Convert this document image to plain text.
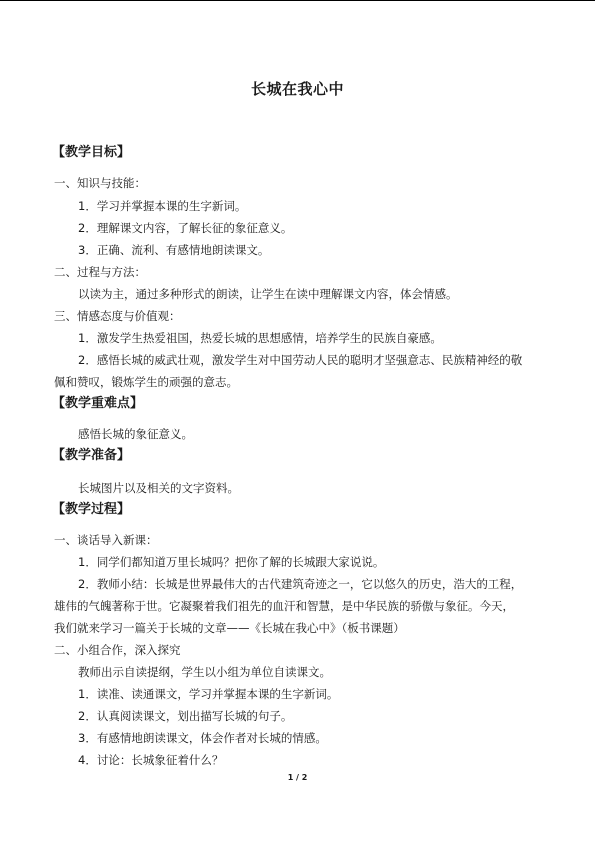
长城在我心中
【教学目标】
一、知识与技能：
1．学习并掌握本课的生字新词。
2．理解课文内容，了解长征的象征意义。
3．正确、流利、有感情地朗读课文。
二、过程与方法：
以读为主，通过多种形式的朗读，让学生在读中理解课文内容，体会情感。
三、情感态度与价值观：
1．激发学生热爱祖国，热爱长城的思想感情，培养学生的民族自豪感。
2．感悟长城的威武壮观，激发学生对中国劳动人民的聪明才坚强意志、民族精神经的敬
佩和赞叹，锻炼学生的顽强的意志。
【教学重难点】
感悟长城的象征意义。
【教学准备】
长城图片以及相关的文字资料。
【教学过程】
一、谈话导入新课：
1．同学们都知道万里长城吗？把你了解的长城跟大家说说。
2．教师小结：长城是世界最伟大的古代建筑奇迹之一，它以悠久的历史，浩大的工程，
雄伟的气魄著称于世。它凝聚着我们祖先的血汗和智慧，是中华民族的骄傲与象征。今天，
我们就来学习一篇关于长城的文章——《长城在我心中》（板书课题）
二、小组合作，深入探究
教师出示自读提纲，学生以小组为单位自读课文。
1．读准、读通课文，学习并掌握本课的生字新词。
2．认真阅读课文，划出描写长城的句子。
3．有感情地朗读课文，体会作者对长城的情感。
4．讨论：长城象征着什么？
1 / 2
